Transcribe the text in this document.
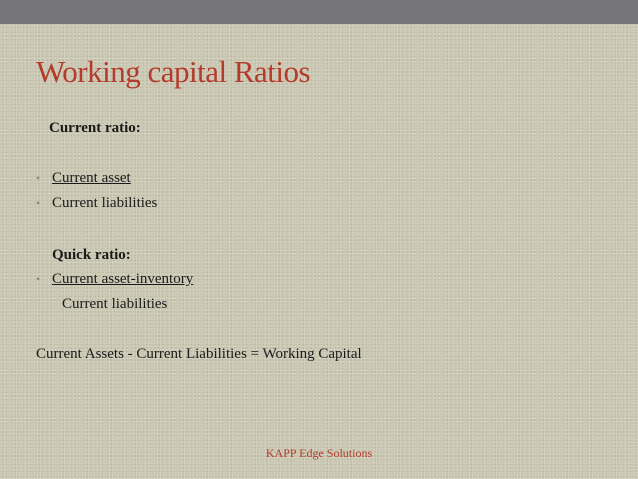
Working capital Ratios
Current ratio:
• Current asset
• Current liabilities
Quick ratio:
• Current asset-inventory
Current liabilities
Current Assets - Current Liabilities = Working Capital
KAPP Edge Solutions
